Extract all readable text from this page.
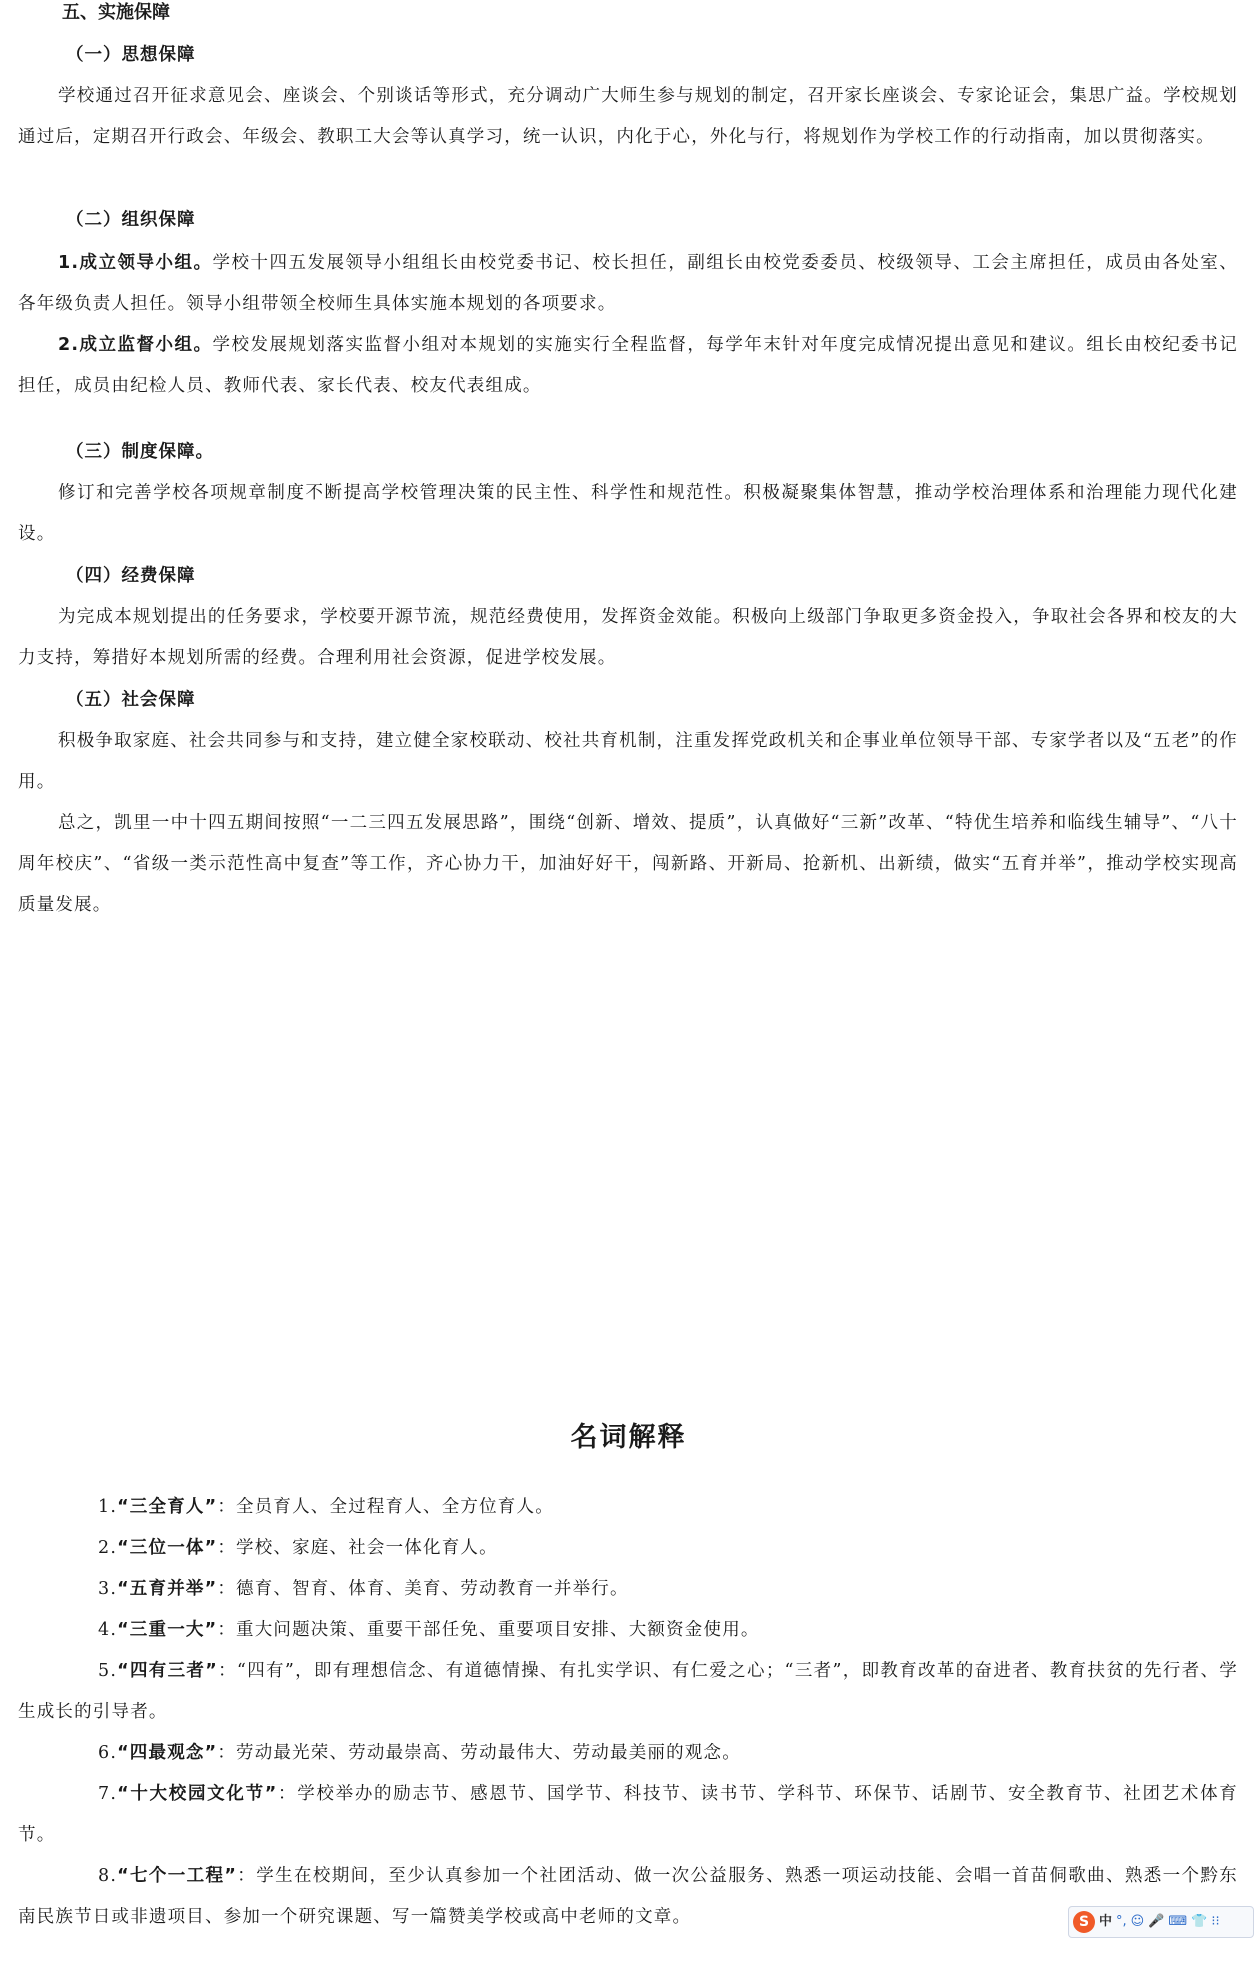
五、实施保障
（一）思想保障

学校通过召开征求意见会、座谈会、个别谈话等形式，充分调动广大师生参与规划的制定，召开家长座谈会、专家论证会，集思广益。学校规划通过后，定期召开行政会、年级会、教职工大会等认真学习，统一认识，内化于心，外化与行，将规划作为学校工作的行动指南，加以贯彻落实。

（二）组织保障

1.成立领导小组。学校十四五发展领导小组组长由校党委书记、校长担任，副组长由校党委委员、校级领导、工会主席担任，成员由各处室、各年级负责人担任。领导小组带领全校师生具体实施本规划的各项要求。

2.成立监督小组。学校发展规划落实监督小组对本规划的实施实行全程监督，每学年末针对年度完成情况提出意见和建议。组长由校纪委书记担任，成员由纪检人员、教师代表、家长代表、校友代表组成。

（三）制度保障。

修订和完善学校各项规章制度不断提高学校管理决策的民主性、科学性和规范性。积极凝聚集体智慧，推动学校治理体系和治理能力现代化建设。

（四）经费保障

为完成本规划提出的任务要求，学校要开源节流，规范经费使用，发挥资金效能。积极向上级部门争取更多资金投入，争取社会各界和校友的大力支持，筹措好本规划所需的经费。合理利用社会资源，促进学校发展。

（五）社会保障

积极争取家庭、社会共同参与和支持，建立健全家校联动、校社共育机制，注重发挥党政机关和企事业单位领导干部、专家学者以及“五老”的作用。

总之，凯里一中十四五期间按照“一二三四五发展思路”，围绕“创新、增效、提质”，认真做好“三新”改革、“特优生培养和临线生辅导”、“八十周年校庆”、“省级一类示范性高中复查”等工作，齐心协力干，加油好好干，闯新路、开新局、抢新机、出新绩，做实“五育并举”，推动学校实现高质量发展。

名词解释

1.“三全育人”：全员育人、全过程育人、全方位育人。

2.“三位一体”：学校、家庭、社会一体化育人。

3.“五育并举”：德育、智育、体育、美育、劳动教育一并举行。

4.“三重一大”：重大问题决策、重要干部任免、重要项目安排、大额资金使用。

5.“四有三者”：“四有”，即有理想信念、有道德情操、有扎实学识、有仁爱之心；“三者”，即教育改革的奋进者、教育扶贫的先行者、学生成长的引导者。

6.“四最观念”：劳动最光荣、劳动最崇高、劳动最伟大、劳动最美丽的观念。

7.“十大校园文化节”：学校举办的励志节、感恩节、国学节、科技节、读书节、学科节、环保节、话剧节、安全教育节、社团艺术体育节。

8.“七个一工程”：学生在校期间，至少认真参加一个社团活动、做一次公益服务、熟悉一项运动技能、会唱一首苗侗歌曲、熟悉一个黔东南民族节日或非遗项目、参加一个研究课题、写一篇赞美学校或高中老师的文章。	S 中 °, ☺ 🎤 ⌨ 👕 ⁝⁝
